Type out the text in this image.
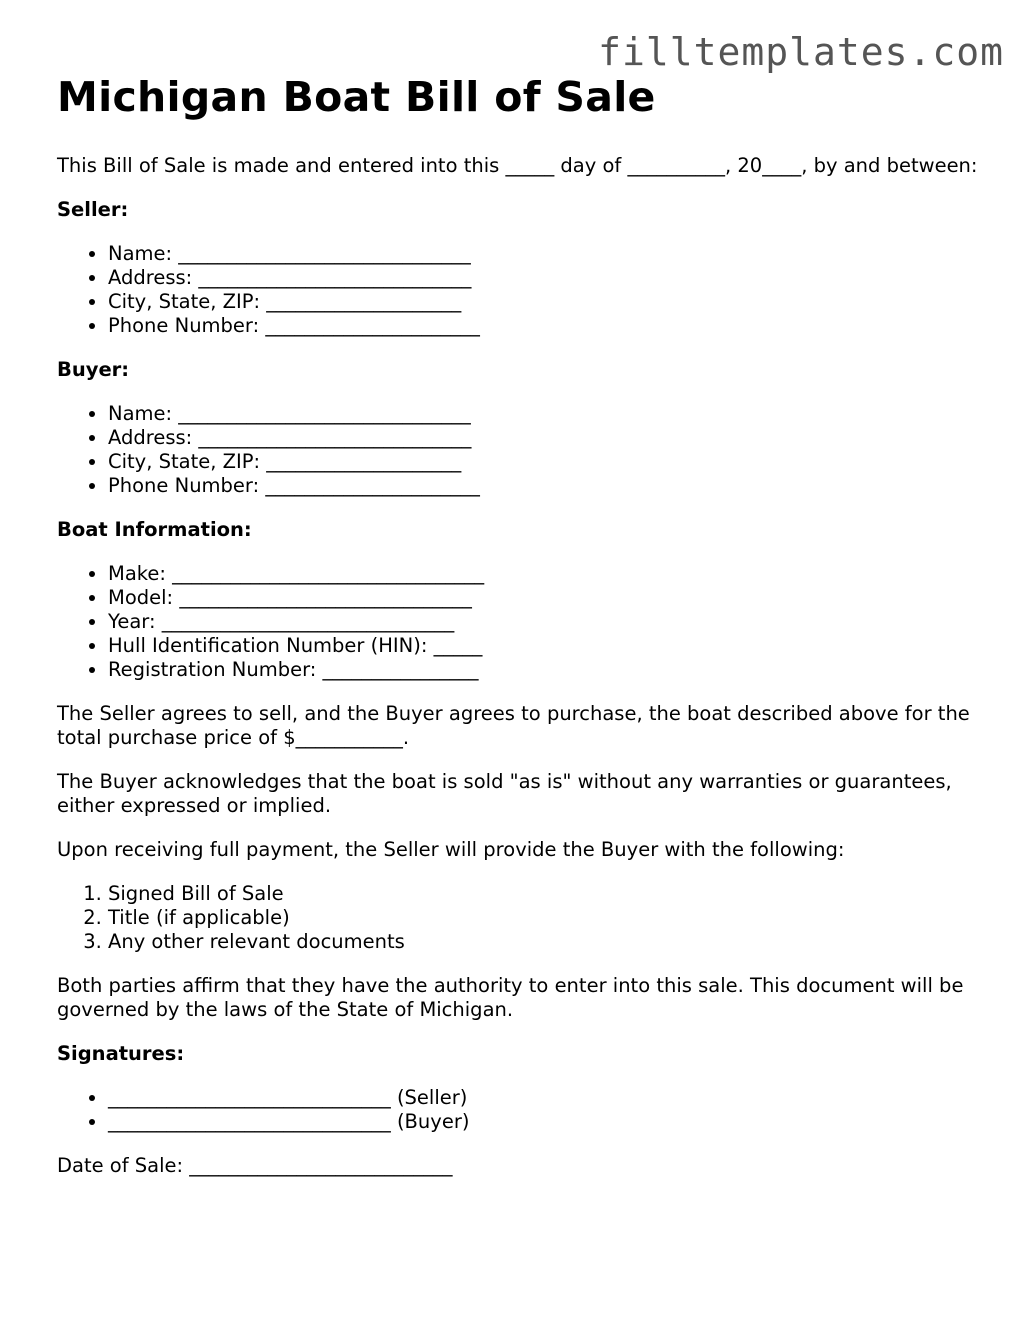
filltemplates.com
Michigan Boat Bill of Sale

This Bill of Sale is made and entered into this _____ day of __________, 20____, by and between:

Seller:
• Name: ______________________________
• Address: ____________________________
• City, State, ZIP: ____________________
• Phone Number: ______________________
Buyer:
• Name: ______________________________
• Address: ____________________________
• City, State, ZIP: ____________________
• Phone Number: ______________________
Boat Information:
• Make: ________________________________
• Model: ______________________________
• Year: ______________________________
• Hull Identification Number (HIN): _____
• Registration Number: ________________

The Seller agrees to sell, and the Buyer agrees to purchase, the boat described above for the total purchase price of $___________.

The Buyer acknowledges that the boat is sold "as is" without any warranties or guarantees, either expressed or implied.

Upon receiving full payment, the Seller will provide the Buyer with the following:

1. Signed Bill of Sale
2. Title (if applicable)
3. Any other relevant documents

Both parties affirm that they have the authority to enter into this sale. This document will be governed by the laws of the State of Michigan.

Signatures:
• _____________________________ (Seller)
• _____________________________ (Buyer)

Date of Sale: ___________________________
